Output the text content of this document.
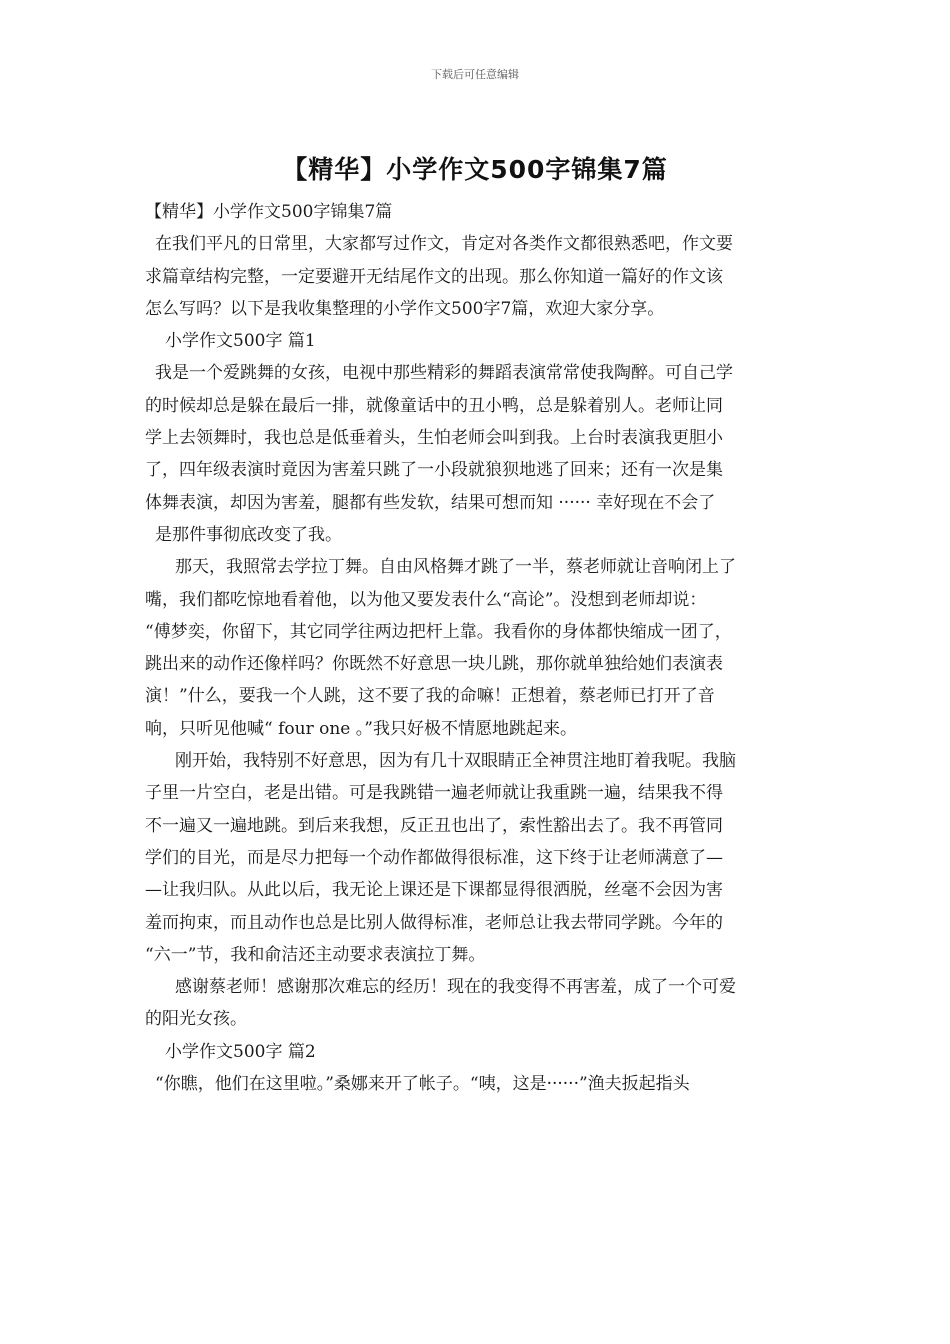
下载后可任意编辑
【精华】小学作文500字锦集7篇
【精华】小学作文500字锦集7篇
在我们平凡的日常里，大家都写过作文，肯定对各类作文都很熟悉吧，作文要
求篇章结构完整，一定要避开无结尾作文的出现。那么你知道一篇好的作文该
怎么写吗？以下是我收集整理的小学作文500字7篇，欢迎大家分享。
小学作文500字 篇1
我是一个爱跳舞的女孩，电视中那些精彩的舞蹈表演常常使我陶醉。可自己学
的时候却总是躲在最后一排，就像童话中的丑小鸭，总是躲着别人。老师让同
学上去领舞时，我也总是低垂着头，生怕老师会叫到我。上台时表演我更胆小
了，四年级表演时竟因为害羞只跳了一小段就狼狈地逃了回来；还有一次是集
体舞表演，却因为害羞，腿都有些发软，结果可想而知 ······ 幸好现在不会了
是那件事彻底改变了我。
那天，我照常去学拉丁舞。自由风格舞才跳了一半，蔡老师就让音响闭上了
嘴，我们都吃惊地看着他，以为他又要发表什么“高论”。没想到老师却说：
“傅梦奕，你留下，其它同学往两边把杆上靠。我看你的身体都快缩成一团了，
跳出来的动作还像样吗？你既然不好意思一块儿跳，那你就单独给她们表演表
演！”什么，要我一个人跳，这不要了我的命嘛！正想着，蔡老师已打开了音
响，只听见他喊“ four one 。”我只好极不情愿地跳起来。
刚开始，我特别不好意思，因为有几十双眼睛正全神贯注地盯着我呢。我脑
子里一片空白，老是出错。可是我跳错一遍老师就让我重跳一遍，结果我不得
不一遍又一遍地跳。到后来我想，反正丑也出了，索性豁出去了。我不再管同
学们的目光，而是尽力把每一个动作都做得很标准，这下终于让老师满意了—
—让我归队。从此以后，我无论上课还是下课都显得很洒脱，丝毫不会因为害
羞而拘束，而且动作也总是比别人做得标准，老师总让我去带同学跳。今年的
“六一”节，我和俞洁还主动要求表演拉丁舞。
感谢蔡老师！感谢那次难忘的经历！现在的我变得不再害羞，成了一个可爱
的阳光女孩。
小学作文500字 篇2
“你瞧，他们在这里啦。”桑娜来开了帐子。“咦，这是······”渔夫扳起指头
